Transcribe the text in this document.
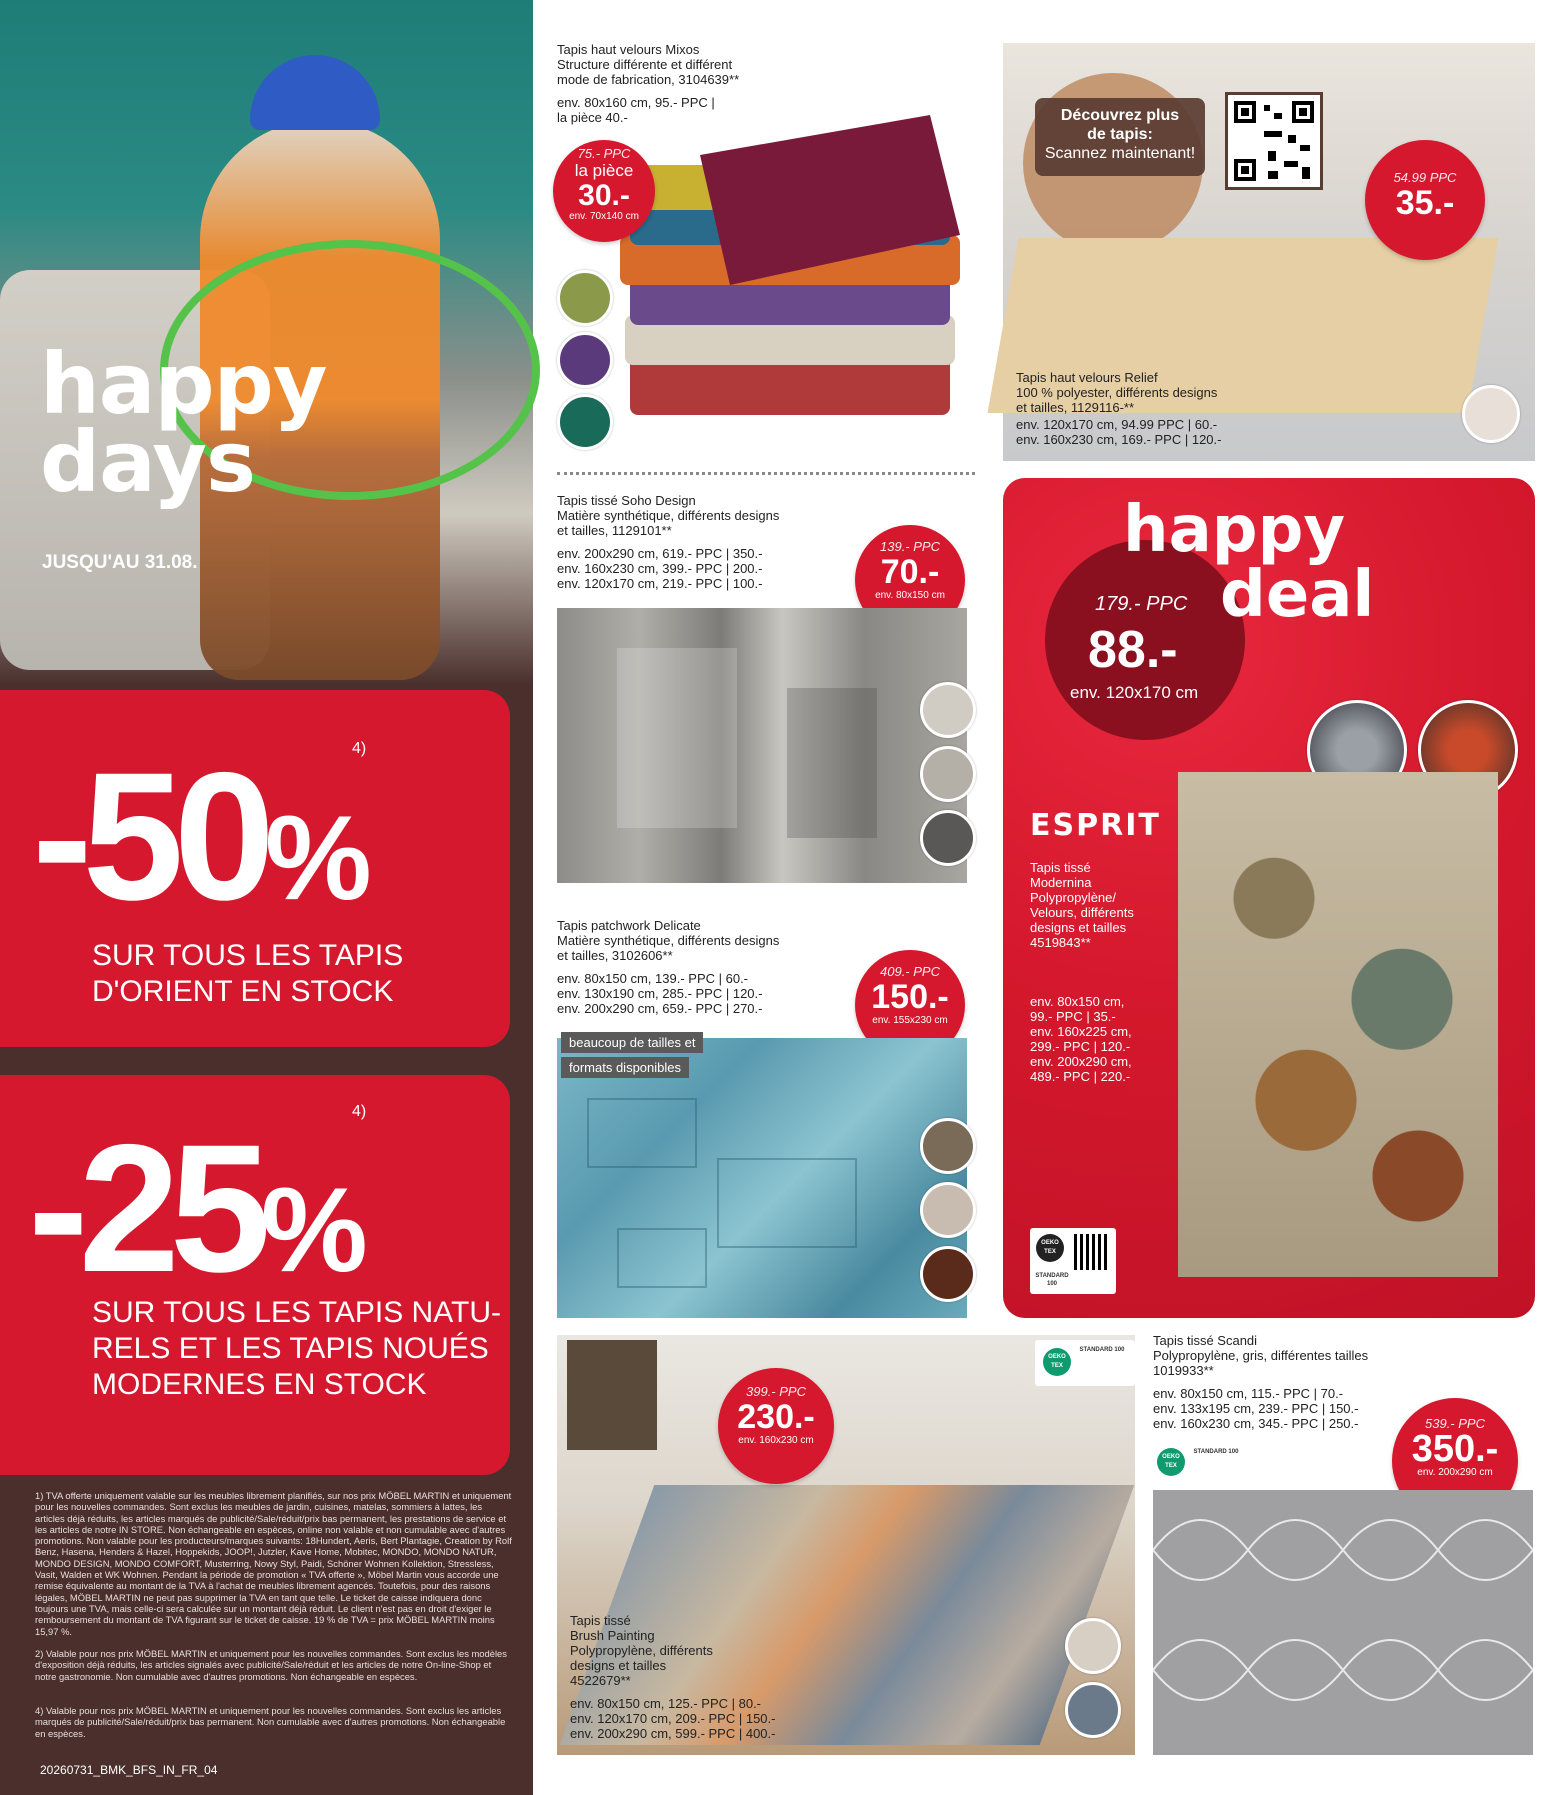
happy
days
JUSQU'AU 31.08.
-50%
4)
SUR TOUS LES TAPIS
D'ORIENT EN STOCK
-25%
4)
SUR TOUS LES TAPIS NATU-
RELS ET LES TAPIS NOUÉS
MODERNES EN STOCK
1) TVA offerte uniquement valable sur les meubles librement planifiés, sur nos prix MÖBEL MARTIN et uniquement pour les nouvelles commandes. Sont exclus les meubles de jardin, cuisines, matelas, sommiers à lattes, les articles déjà réduits, les articles marqués de publicité/Sale/réduit/prix bas permanent, les prestations de service et les articles de notre IN STORE. Non échangeable en espèces, online non valable et non cumulable avec d'autres promotions. Non valable pour les producteurs/marques suivants: 18Hundert, Aeris, Bert Plantagie, Creation by Rolf Benz, Hasena, Henders & Hazel, Hoppekids, JOOP!, Jutzler, Kave Home, Mobitec, MONDO, MONDO NATUR, MONDO DESIGN, MONDO COMFORT, Musterring, Nowy Styl, Paidi, Schöner Wohnen Kollektion, Stressless, Vasit, Walden et WK Wohnen. Pendant la période de promotion « TVA offerte », Möbel Martin vous accorde une remise équivalente au montant de la TVA à l'achat de meubles librement agencés. Toutefois, pour des raisons légales, MÖBEL MARTIN ne peut pas supprimer la TVA en tant que telle. Le ticket de caisse indiquera donc toujours une TVA, mais celle-ci sera calculée sur un montant déjà réduit. Le client n'est pas en droit d'exiger le remboursement du montant de TVA figurant sur le ticket de caisse. 19 % de TVA = prix MÖBEL MARTIN moins 15,97 %.
2) Valable pour nos prix MÖBEL MARTIN et uniquement pour les nouvelles commandes. Sont exclus les modèles d'exposition déjà réduits, les articles signalés avec publicité/Sale/réduit et les articles de notre On-line-Shop et notre gastronomie. Non cumulable avec d'autres promotions. Non échangeable en espèces.
4) Valable pour nos prix MÖBEL MARTIN et uniquement pour les nouvelles commandes. Sont exclus les articles marqués de publicité/Sale/réduit/prix bas permanent. Non cumulable avec d'autres promotions. Non échangeable en espèces.
20260731_BMK_BFS_IN_FR_04

Tapis haut velours Mixos

Structure différente et différent

mode de fabrication, 3104639**

env. 80x160 cm, 95.- PPC |

la pièce 40.-

75.- PPC
la pièce
30.-
env. 70x140 cm
Découvrez plus
de tapis:
Scannez maintenant!
54.99 PPC
35.-

Tapis haut velours Relief

100 % polyester, différents designs

et tailles, 1129116-**

env. 120x170 cm, 94.99 PPC | 60.-

env. 160x230 cm, 169.- PPC | 120.-

Tapis tissé Soho Design

Matière synthétique, différents designs

et tailles, 1129101**

env. 200x290 cm, 619.- PPC | 350.-

env. 160x230 cm, 399.- PPC | 200.-

env. 120x170 cm, 219.- PPC | 100.-

139.- PPC
70.-
env. 80x150 cm

Tapis patchwork Delicate

Matière synthétique, différents designs

et tailles, 3102606**

env. 80x150 cm, 139.- PPC | 60.-

env. 130x190 cm, 285.- PPC | 120.-

env. 200x290 cm, 659.- PPC | 270.-

409.- PPC
150.-
env. 155x230 cm
beaucoup de tailles et
formats disponibles
happy
deal
179.- PPC
88.-
env. 120x170 cm
ESPRIT

Tapis tissé

Modernina

Polypropylène/

Velours, différents

designs et tailles

4519843**

env. 80x150 cm,

99.- PPC | 35.-

env. 160x225 cm,

299.- PPC | 120.-

env. 200x290 cm,

489.- PPC | 220.-

OEKO TEX
STANDARD 100
399.- PPC
230.-
env. 160x230 cm
OEKO TEX
STANDARD 100

Tapis tissé

Brush Painting

Polypropylène, différents

designs et tailles

4522679**

env. 80x150 cm, 125.- PPC | 80.-

env. 120x170 cm, 209.- PPC | 150.-

env. 200x290 cm, 599.- PPC | 400.-

Tapis tissé Scandi

Polypropylène, gris, différentes tailles

1019933**

env. 80x150 cm, 115.- PPC | 70.-

env. 133x195 cm, 239.- PPC | 150.-

env. 160x230 cm, 345.- PPC | 250.-

OEKO TEX
STANDARD 100
539.- PPC
350.-
env. 200x290 cm
